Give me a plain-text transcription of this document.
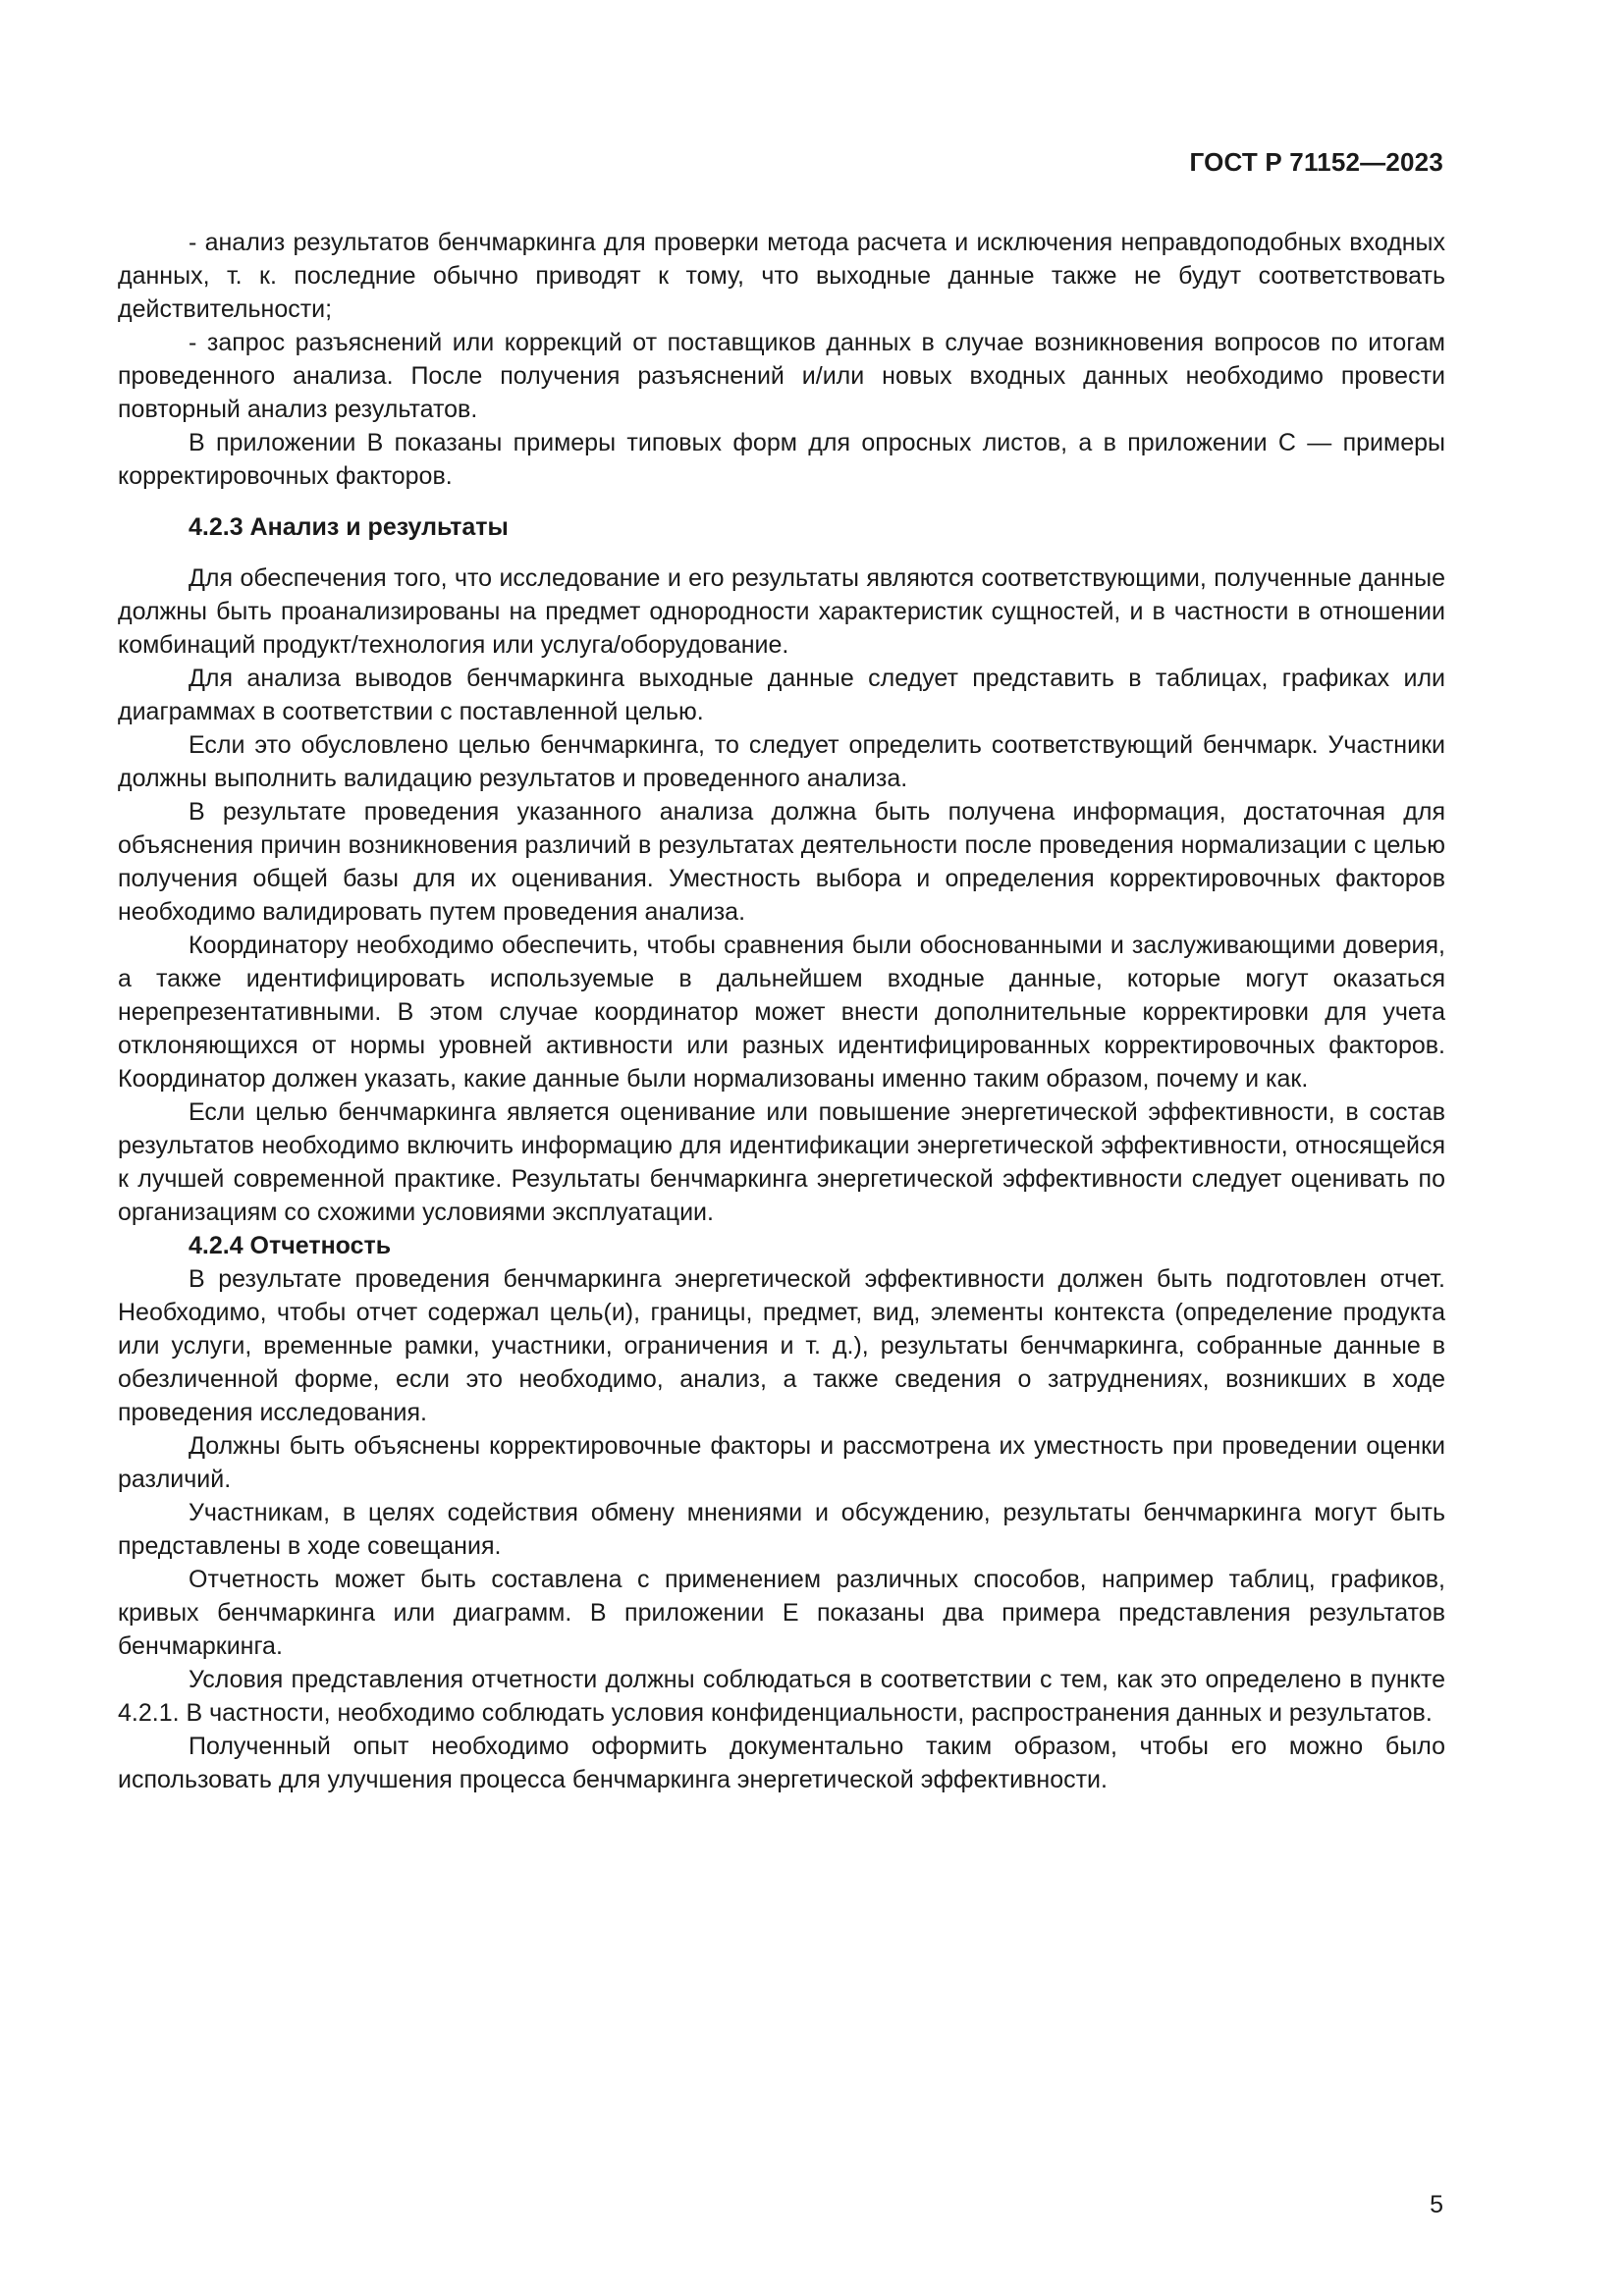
ГОСТ Р 71152—2023

- анализ результатов бенчмаркинга для проверки метода расчета и исключения неправдоподобных входных данных, т. к. последние обычно приводят к тому, что выходные данные также не будут соответствовать действительности;

- запрос разъяснений или коррекций от поставщиков данных в случае возникновения вопросов по итогам проведенного анализа. После получения разъяснений и/или новых входных данных необходимо провести повторный анализ результатов.

В приложении В показаны примеры типовых форм для опросных листов, а в приложении С — примеры корректировочных факторов.

4.2.3 Анализ и результаты

Для обеспечения того, что исследование и его результаты являются соответствующими, полученные данные должны быть проанализированы на предмет однородности характеристик сущностей, и в частности в отношении комбинаций продукт/технология или услуга/оборудование.

Для анализа выводов бенчмаркинга выходные данные следует представить в таблицах, графиках или диаграммах в соответствии с поставленной целью.

Если это обусловлено целью бенчмаркинга, то следует определить соответствующий бенчмарк. Участники должны выполнить валидацию результатов и проведенного анализа.

В результате проведения указанного анализа должна быть получена информация, достаточная для объяснения причин возникновения различий в результатах деятельности после проведения нормализации с целью получения общей базы для их оценивания. Уместность выбора и определения корректировочных факторов необходимо валидировать путем проведения анализа.

Координатору необходимо обеспечить, чтобы сравнения были обоснованными и заслуживающими доверия, а также идентифицировать используемые в дальнейшем входные данные, которые могут оказаться нерепрезентативными. В этом случае координатор может внести дополнительные корректировки для учета отклоняющихся от нормы уровней активности или разных идентифицированных корректировочных факторов. Координатор должен указать, какие данные были нормализованы именно таким образом, почему и как.

Если целью бенчмаркинга является оценивание или повышение энергетической эффективности, в состав результатов необходимо включить информацию для идентификации энергетической эффективности, относящейся к лучшей современной практике. Результаты бенчмаркинга энергетической эффективности следует оценивать по организациям со схожими условиями эксплуатации.

4.2.4 Отчетность

В результате проведения бенчмаркинга энергетической эффективности должен быть подготовлен отчет. Необходимо, чтобы отчет содержал цель(и), границы, предмет, вид, элементы контекста (определение продукта или услуги, временные рамки, участники, ограничения и т. д.), результаты бенчмаркинга, собранные данные в обезличенной форме, если это необходимо, анализ, а также сведения о затруднениях, возникших в ходе проведения исследования.

Должны быть объяснены корректировочные факторы и рассмотрена их уместность при проведении оценки различий.

Участникам, в целях содействия обмену мнениями и обсуждению, результаты бенчмаркинга могут быть представлены в ходе совещания.

Отчетность может быть составлена с применением различных способов, например таблиц, графиков, кривых бенчмаркинга или диаграмм. В приложении Е показаны два примера представления результатов бенчмаркинга.

Условия представления отчетности должны соблюдаться в соответствии с тем, как это определено в пункте 4.2.1. В частности, необходимо соблюдать условия конфиденциальности, распространения данных и результатов.

Полученный опыт необходимо оформить документально таким образом, чтобы его можно было использовать для улучшения процесса бенчмаркинга энергетической эффективности.

5
